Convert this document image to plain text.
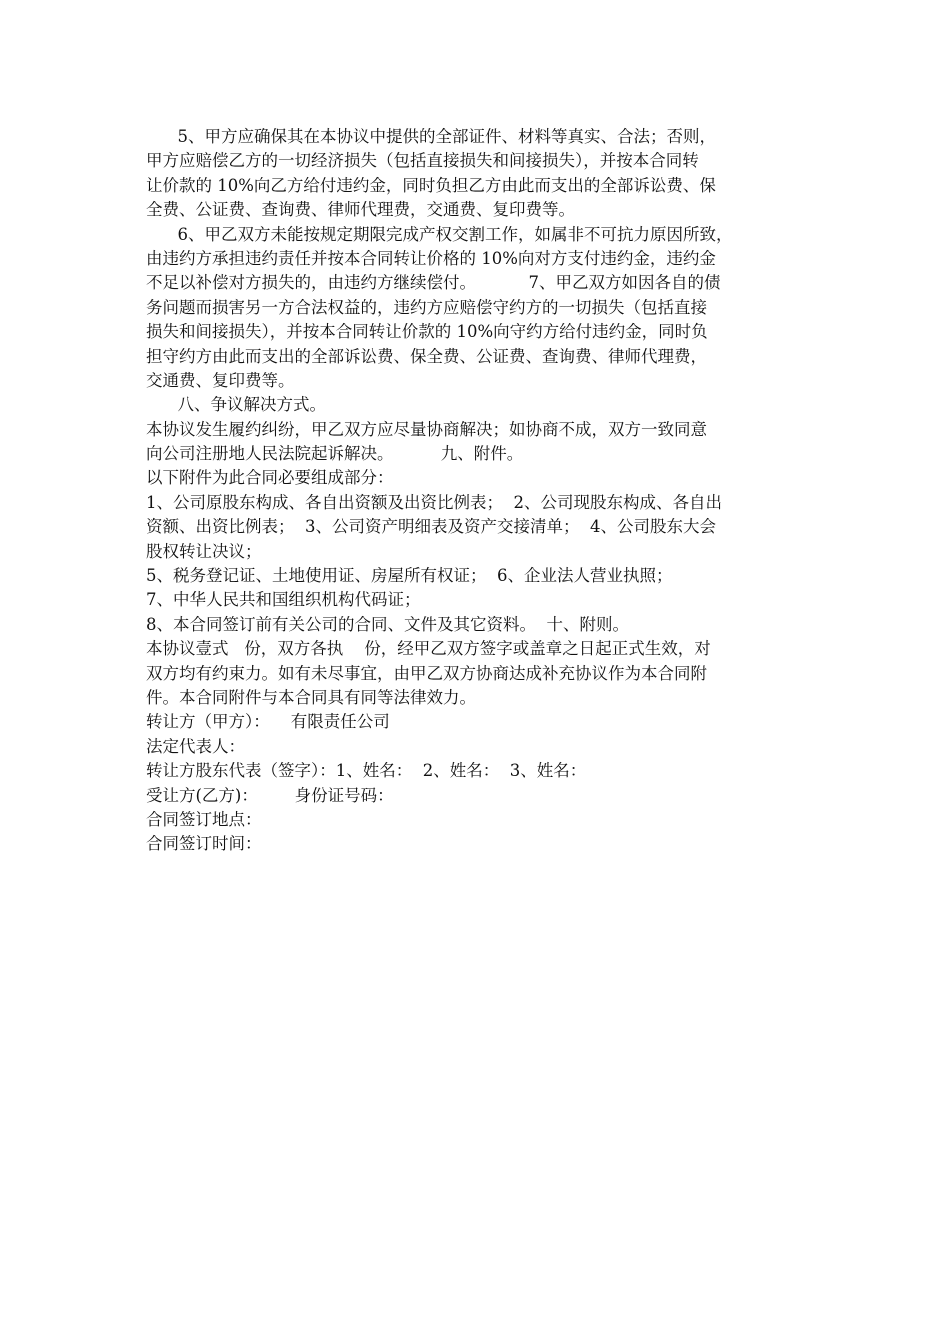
5、甲方应确保其在本协议中提供的全部证件、材料等真实、合法；否则，
甲方应赔偿乙方的一切经济损失（包括直接损失和间接损失），并按本合同转
让价款的 10%向乙方给付违约金，同时负担乙方由此而支出的全部诉讼费、保
全费、公证费、查询费、律师代理费，交通费、复印费等。
6、甲乙双方未能按规定期限完成产权交割工作，如属非不可抗力原因所致，
由违约方承担违约责任并按本合同转让价格的 10%向对方支付违约金，违约金
不足以补偿对方损失的，由违约方继续偿付。          7、甲乙双方如因各自的债
务问题而损害另一方合法权益的，违约方应赔偿守约方的一切损失（包括直接
损失和间接损失），并按本合同转让价款的 10%向守约方给付违约金，同时负
担守约方由此而支出的全部诉讼费、保全费、公证费、查询费、律师代理费，
交通费、复印费等。
八、争议解决方式。
本协议发生履约纠纷，甲乙双方应尽量协商解决；如协商不成，双方一致同意
向公司注册地人民法院起诉解决。         九、附件。
以下附件为此合同必要组成部分：
1、公司原股东构成、各自出资额及出资比例表；  2、公司现股东构成、各自出
资额、出资比例表；  3、公司资产明细表及资产交接清单；  4、公司股东大会
股权转让决议；
5、税务登记证、土地使用证、房屋所有权证；  6、企业法人营业执照；
7、中华人民共和国组织机构代码证；
8、本合同签订前有关公司的合同、文件及其它资料。  十、附则。
本协议壹式   份，双方各执    份，经甲乙双方签字或盖章之日起正式生效，对
双方均有约束力。如有未尽事宜，由甲乙双方协商达成补充协议作为本合同附
件。本合同附件与本合同具有同等法律效力。
转让方（甲方）：    有限责任公司
法定代表人：
转让方股东代表（签字）：1、姓名：  2、姓名：  3、姓名：
受让方(乙方)：       身份证号码：
合同签订地点：
合同签订时间：
